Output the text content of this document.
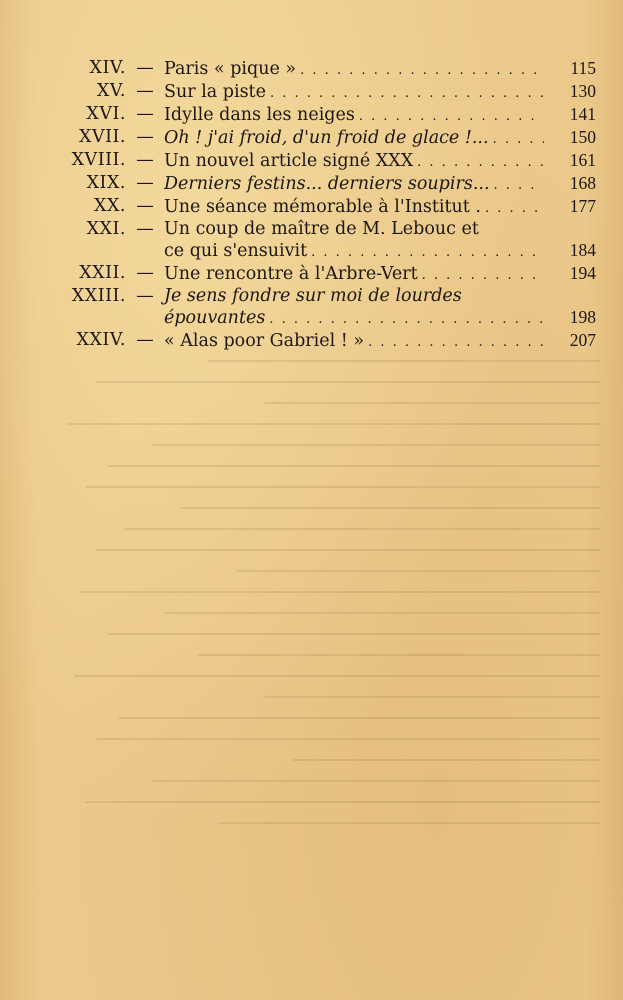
XIV. — Paris « pique » . . .	115
XV. — Sur la piste . . .	130
XVI. — Idylle dans les neiges . . .	141
XVII. — Oh ! j'ai froid, d'un froid de glace !... . . .	150
XVIII. — Un nouvel article signé XXX . . .	161
XIX. — Derniers festins... derniers soupirs... . . .	168
XX. — Une séance mémorable à l'Institut . . . .	177
XXI. — Un coup de maître de M. Lebouc et
ce qui s'ensuivit . . .	184
XXII. — Une rencontre à l'Arbre-Vert . . .	194
XXIII. — Je sens fondre sur moi de lourdes
épouvantes . . .	198
XXIV. — « Alas poor Gabriel ! » . . .	207
